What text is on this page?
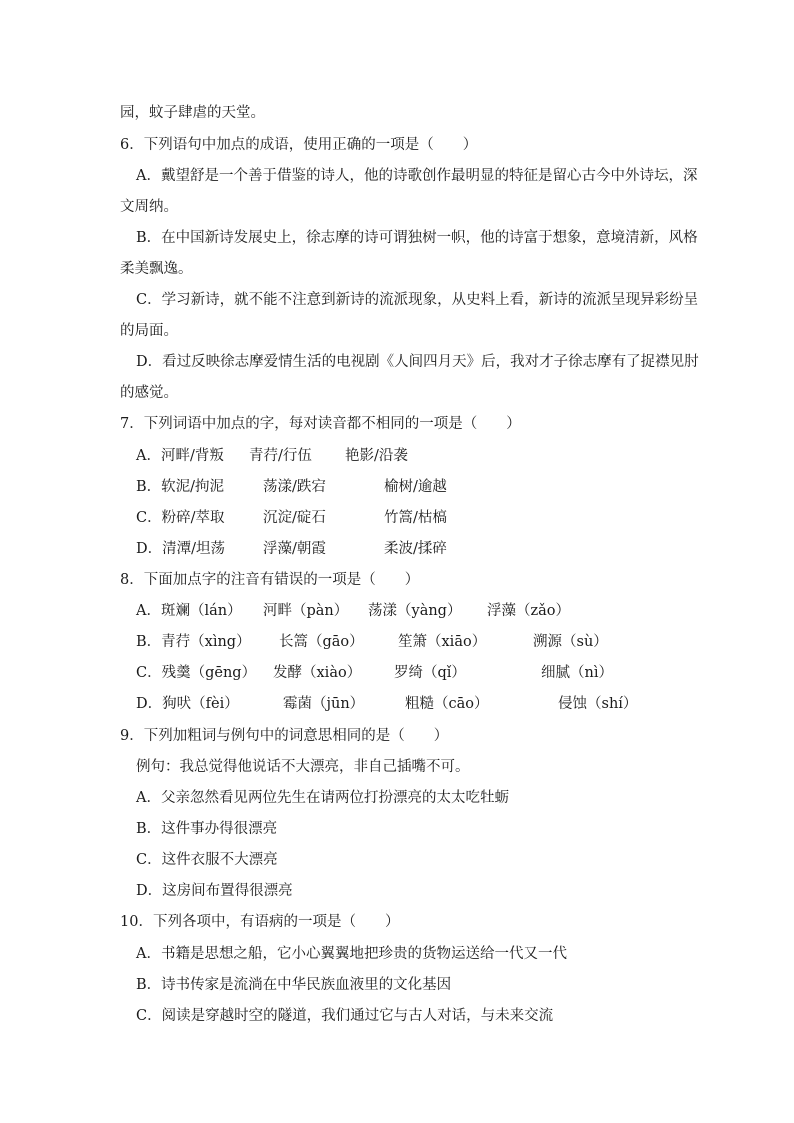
园，蚊子肆虐的天堂。
6．下列语句中加点的成语，使用正确的一项是（　　）
A．戴望舒是一个善于借鉴的诗人，他的诗歌创作最明显的特征是留心古今中外诗坛，深
文周纳。
B．在中国新诗发展史上，徐志摩的诗可谓独树一帜，他的诗富于想象，意境清新，风格
柔美飘逸。
C．学习新诗，就不能不注意到新诗的流派现象，从史料上看，新诗的流派呈现异彩纷呈
的局面。
D．看过反映徐志摩爱情生活的电视剧《人间四月天》后，我对才子徐志摩有了捉襟见肘
的感觉。
7．下列词语中加点的字，每对读音都不相同的一项是（　　）
A．河畔/背叛 青荇/行伍 艳影/沿袭
B．软泥/拘泥	荡漾/跌宕	榆树/逾越
C．粉碎/萃取	沉淀/碇石	竹篙/枯槁
D．清潭/坦荡	浮藻/朝霞	柔波/揉碎
8．下面加点字的注音有错误的一项是（　　）
A．斑斓（lán） 河畔（pàn） 荡漾（yàng） 浮藻（zǎo）
B．青荇（xìng） 长篙（gāo） 笙箫（xiāo）	溯源（sù）
C．残羹（gēng） 发酵（xiào） 罗绮（qǐ）	细腻（nì）
D．狗吠（fèi）	霉菌（jūn）	粗糙（cāo）	侵蚀（shí）
9．下列加粗词与例句中的词意思相同的是（　　）
例句：我总觉得他说话不大漂亮，非自己插嘴不可。
A．父亲忽然看见两位先生在请两位打扮漂亮的太太吃牡蛎
B．这件事办得很漂亮
C．这件衣服不大漂亮
D．这房间布置得很漂亮
10．下列各项中，有语病的一项是（　　）
A．书籍是思想之船，它小心翼翼地把珍贵的货物运送给一代又一代
B．诗书传家是流淌在中华民族血液里的文化基因
C．阅读是穿越时空的隧道，我们通过它与古人对话，与未来交流
